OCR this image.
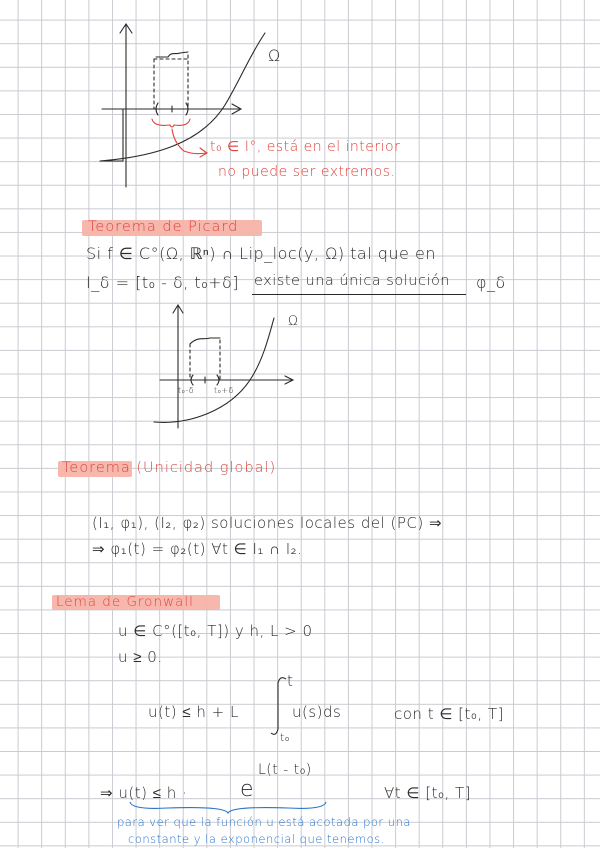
Ω
t₀ ∈ I°, está en el interior
no puede ser extremos.
Teorema de Picard
Si f ∈ C°(Ω, ℝⁿ) ∩ Lip_loc(y, Ω) tal que en
I_δ = [t₀ - δ, t₀+δ] existe una única solución φ_δ
Ω
t₀-δ t₀+δ
Teorema (Unicidad global)
(I₁, φ₁), (I₂, φ₂) soluciones locales del (PC) ⇒
⇒ φ₁(t) = φ₂(t) ∀t ∈ I₁ ∩ I₂.
Lema de Gronwall
u ∈ C°([t₀, T]) y h, L > 0
u ≥ 0.
u(t) ≤ h + L
t
t₀
u(s)ds	con t ∈ [t₀, T]
L(t - t₀)
⇒ u(t) ≤ h · e	∀t ∈ [t₀, T]
para ver que la función u está acotada por una
constante y la exponencial que tenemos.
